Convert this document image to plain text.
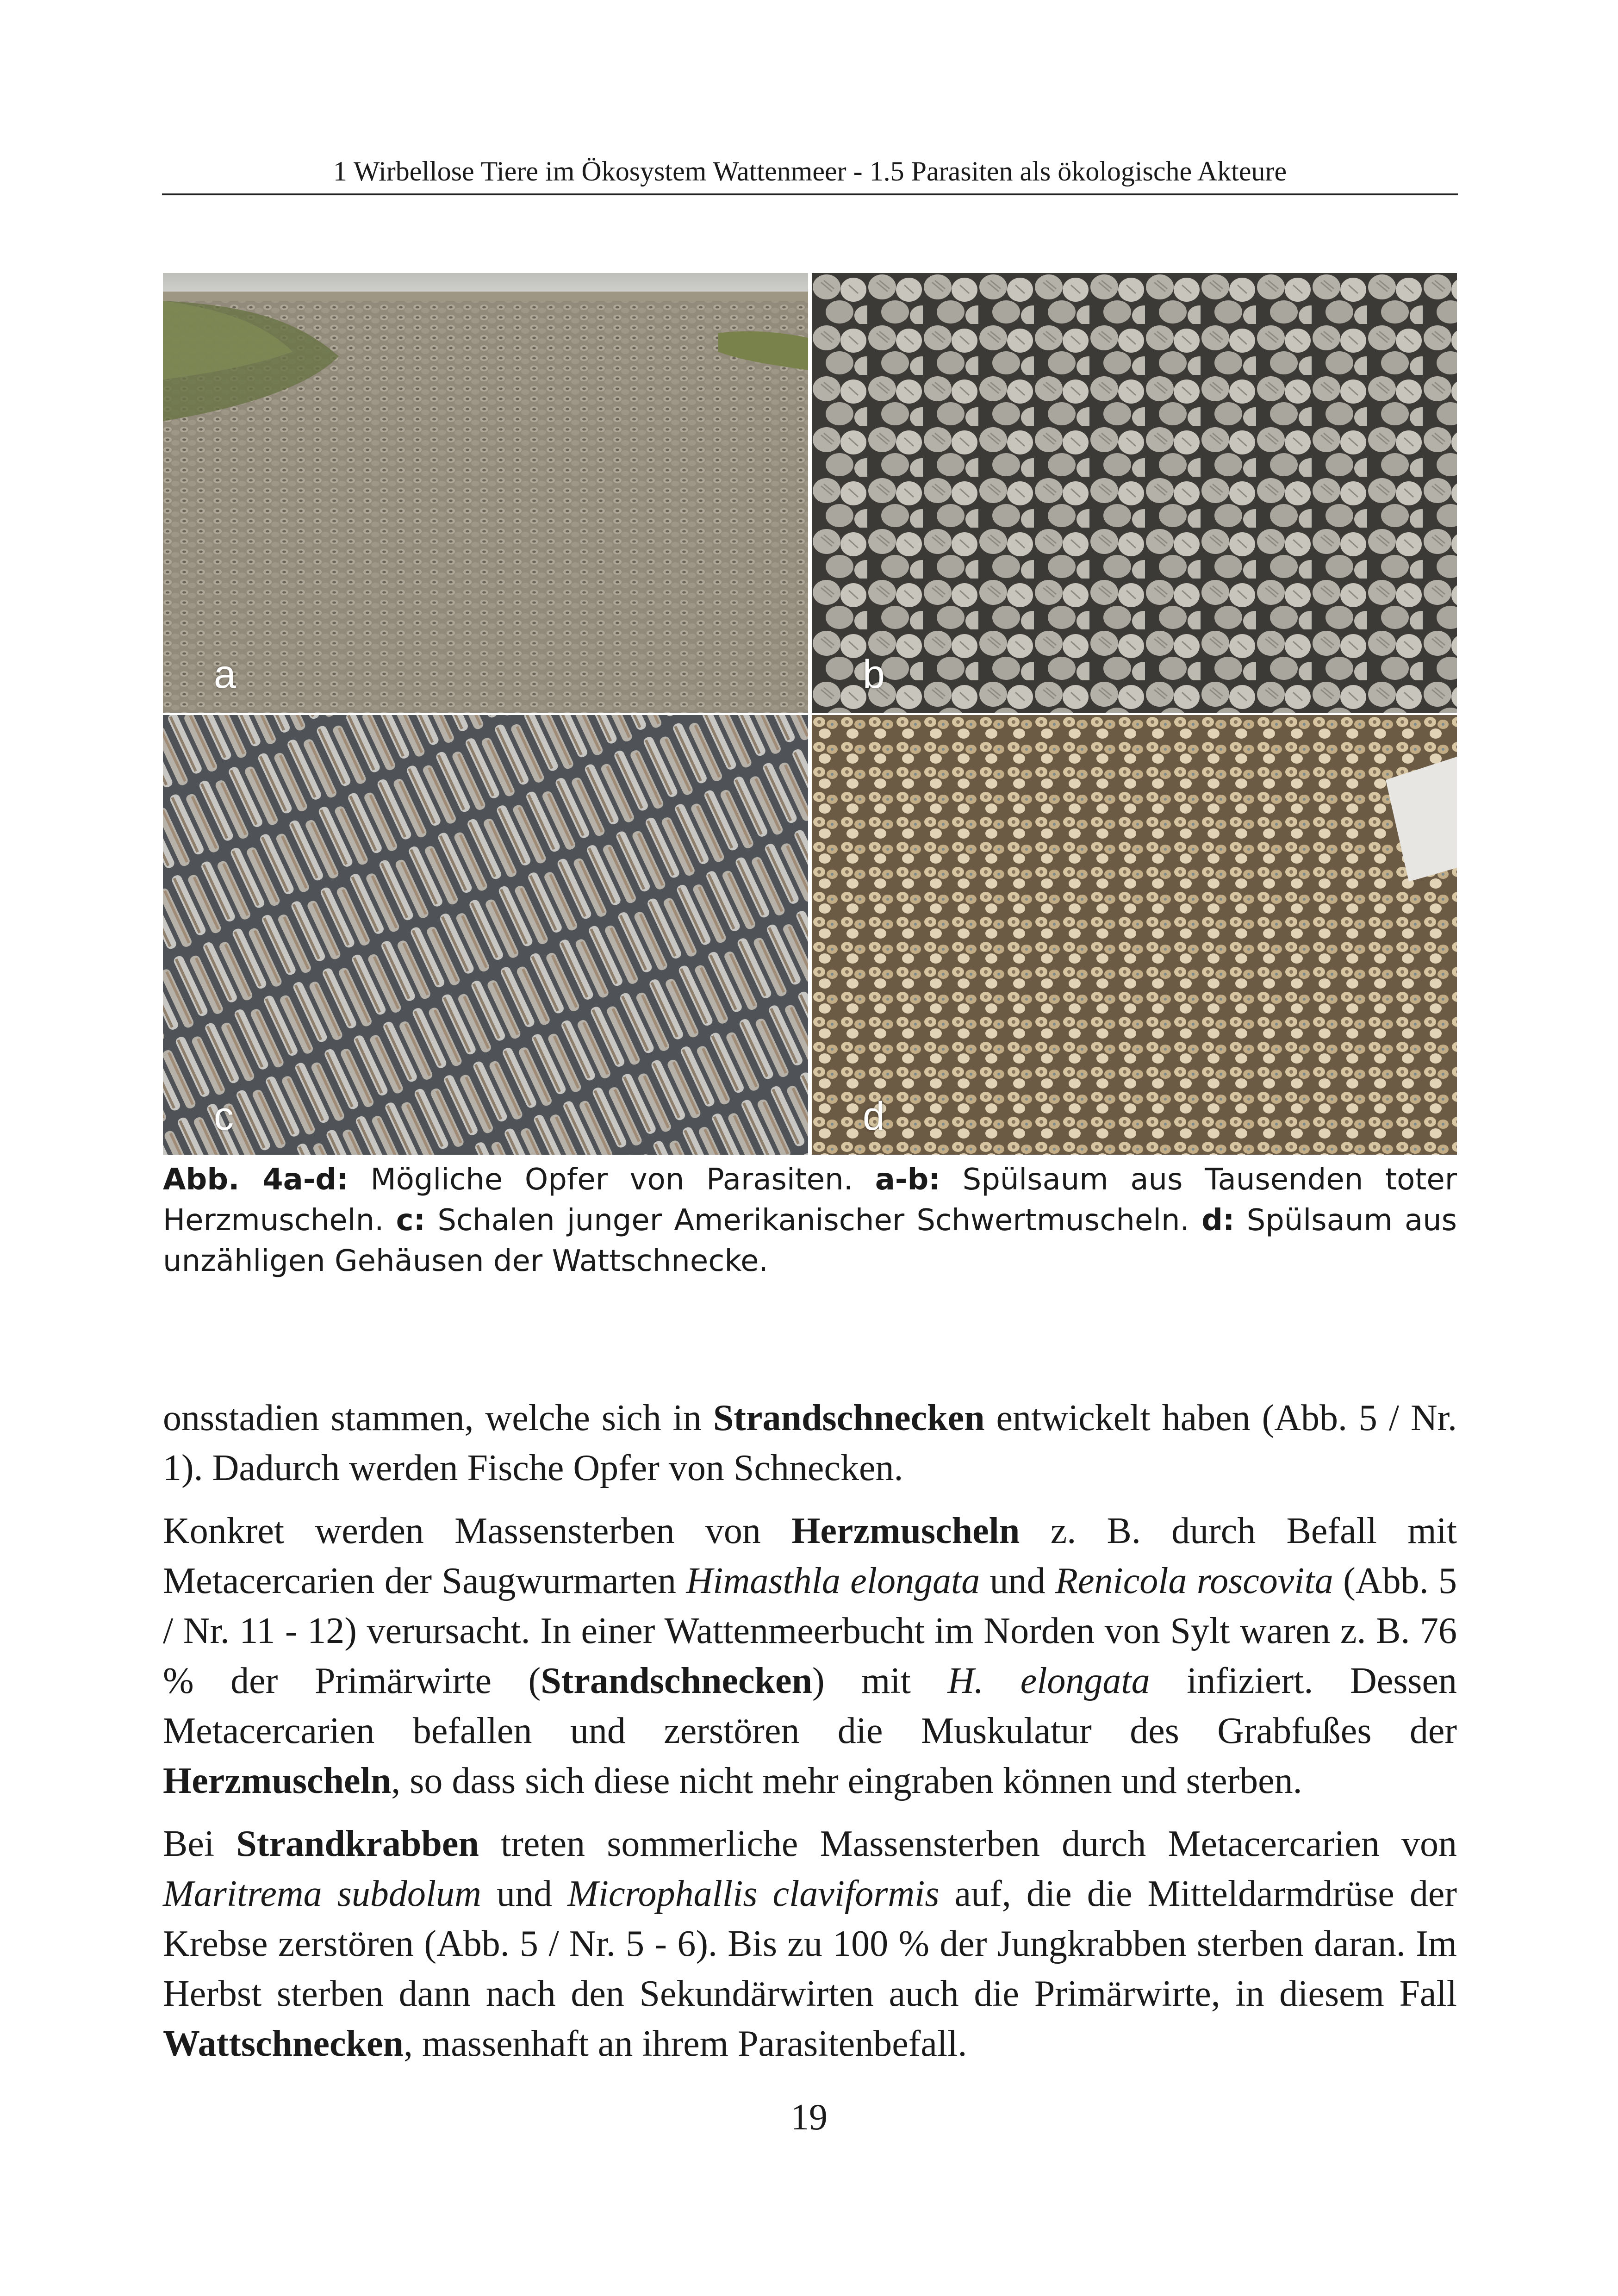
1 Wirbellose Tiere im Ökosystem Wattenmeer - 1.5 Parasiten als ökologische Akteure
a	b
c	d
Abb. 4a-d: Mögliche Opfer von Parasiten. a-b: Spülsaum aus Tausenden toter Herzmuscheln. c: Schalen junger Amerikanischer Schwertmuscheln. d: Spülsaum aus unzähligen Gehäusen der Wattschnecke.

onsstadien stammen, welche sich in Strandschnecken entwickelt haben (Abb. 5 / Nr. 1). Dadurch werden Fische Opfer von Schnecken.

Konkret werden Massensterben von Herzmuscheln z. B. durch Befall mit Metacercarien der Saugwurmarten Himasthla elongata und Renicola roscovita (Abb. 5 / Nr. 11 - 12) verursacht. In einer Wattenmeerbucht im Norden von Sylt waren z. B. 76 % der Primärwirte (Strandschnecken) mit H. elongata infiziert. Dessen Metacercarien befallen und zerstören die Muskulatur des Grabfußes der Herzmuscheln, so dass sich diese nicht mehr eingraben können und sterben.

Bei Strandkrabben treten sommerliche Massensterben durch Metacercarien von Maritrema subdolum und Microphallis claviformis auf, die die Mitteldarmdrüse der Krebse zerstören (Abb. 5 / Nr. 5 - 6). Bis zu 100 % der Jungkrabben sterben daran. Im Herbst sterben dann nach den Sekundärwirten auch die Primärwirte, in diesem Fall Wattschnecken, massenhaft an ihrem Parasitenbefall.

19
